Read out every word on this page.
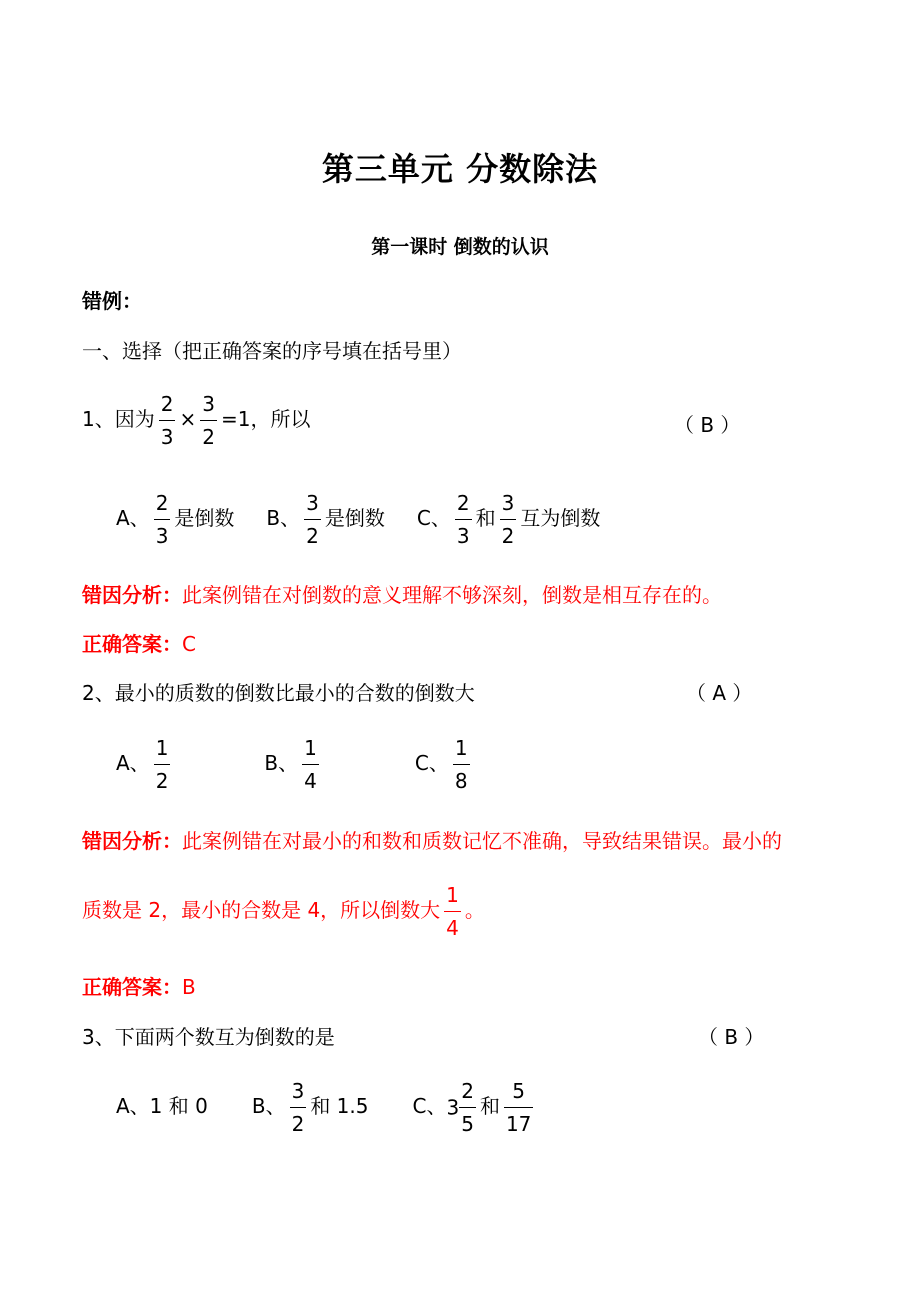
第三单元 分数除法
第一课时 倒数的认识
错例：
一、选择（把正确答案的序号填在括号里）
1、因为 $\frac{2}{3} \times \frac{3}{2} =1$，所以	（ B ）
A、 $\frac{2}{3}$ 是倒数 B、 $\frac{3}{2}$ 是倒数 C、 $\frac{2}{3}$ 和 $\frac{3}{2}$ 互为倒数
错因分析：此案例错在对倒数的意义理解不够深刻，倒数是相互存在的。
正确答案：C
2、最小的质数的倒数比最小的合数的倒数大	（ A ）
A、 $\frac{1}{2}$	B、 $\frac{1}{4}$	C、 $\frac{1}{8}$
错因分析：此案例错在对最小的和数和质数记忆不准确，导致结果错误。最小的
质数是 2，最小的合数是 4，所以倒数大 $\frac{1}{4}$ 。
正确答案：B
3、下面两个数互为倒数的是	（ B ）
A、1 和 0 B、 $\frac{3}{2}$ 和 1.5 C、$3 \frac{2}{5}$ 和 $\frac{5}{17}$
